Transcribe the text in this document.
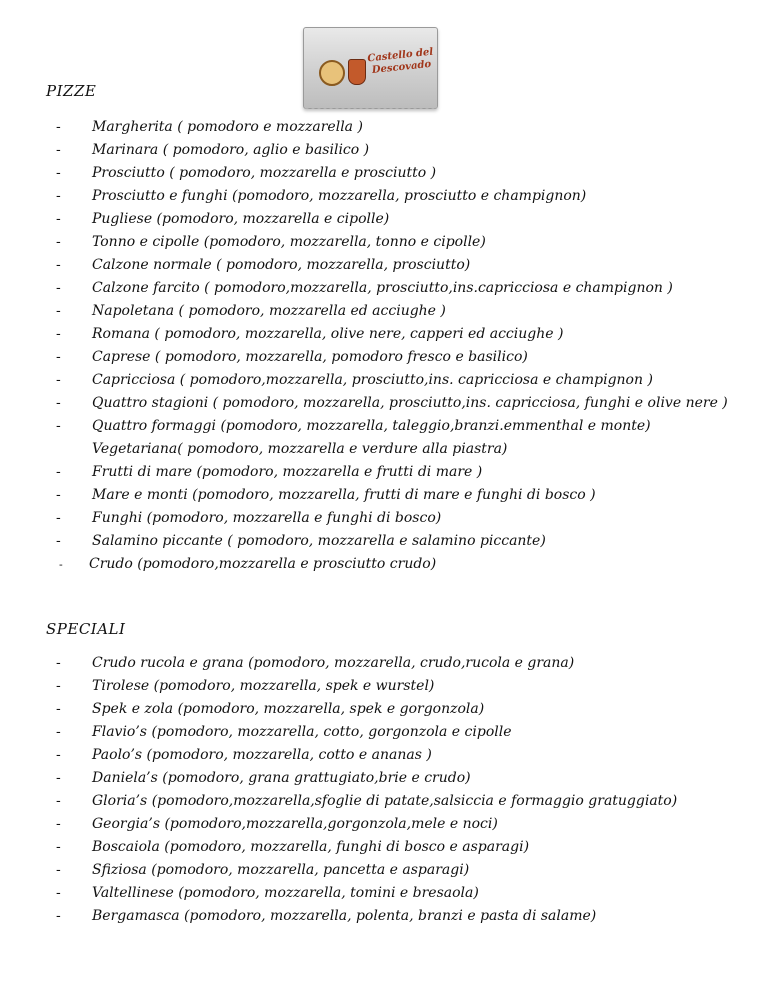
Castello del Descovado
PIZZE
- Margherita ( pomodoro e mozzarella )
- Marinara ( pomodoro, aglio e basilico )
- Prosciutto ( pomodoro, mozzarella e prosciutto )
- Prosciutto e funghi (pomodoro, mozzarella, prosciutto e champignon)
- Pugliese (pomodoro, mozzarella e cipolle)
- Tonno e cipolle (pomodoro, mozzarella, tonno e cipolle)
- Calzone normale ( pomodoro, mozzarella, prosciutto)
- Calzone farcito ( pomodoro,mozzarella, prosciutto,ins.capricciosa e champignon )
- Napoletana ( pomodoro, mozzarella ed acciughe )
- Romana ( pomodoro, mozzarella, olive nere, capperi ed acciughe )
- Caprese ( pomodoro, mozzarella, pomodoro fresco e basilico)
- Capricciosa ( pomodoro,mozzarella, prosciutto,ins. capricciosa e champignon )
- Quattro stagioni ( pomodoro, mozzarella, prosciutto,ins. capricciosa, funghi e olive nere )
- Quattro formaggi (pomodoro, mozzarella, taleggio,branzi.emmenthal e monte)
Vegetariana( pomodoro, mozzarella e verdure alla piastra)
- Frutti di mare (pomodoro, mozzarella e frutti di mare )
- Mare e monti (pomodoro, mozzarella, frutti di mare e funghi di bosco )
- Funghi (pomodoro, mozzarella e funghi di bosco)
- Salamino piccante ( pomodoro, mozzarella e salamino piccante)
- Crudo (pomodoro,mozzarella e prosciutto crudo)
SPECIALI
- Crudo rucola e grana (pomodoro, mozzarella, crudo,rucola e grana)
- Tirolese (pomodoro, mozzarella, spek e wurstel)
- Spek e zola (pomodoro, mozzarella, spek e gorgonzola)
- Flavio’s (pomodoro, mozzarella, cotto, gorgonzola e cipolle
- Paolo’s (pomodoro, mozzarella, cotto e ananas )
- Daniela’s (pomodoro, grana grattugiato,brie e crudo)
- Gloria’s (pomodoro,mozzarella,sfoglie di patate,salsiccia e formaggio gratuggiato)
- Georgia’s (pomodoro,mozzarella,gorgonzola,mele e noci)
- Boscaiola (pomodoro, mozzarella, funghi di bosco e asparagi)
- Sfiziosa (pomodoro, mozzarella, pancetta e asparagi)
- Valtellinese (pomodoro, mozzarella, tomini e bresaola)
- Bergamasca (pomodoro, mozzarella, polenta, branzi e pasta di salame)
